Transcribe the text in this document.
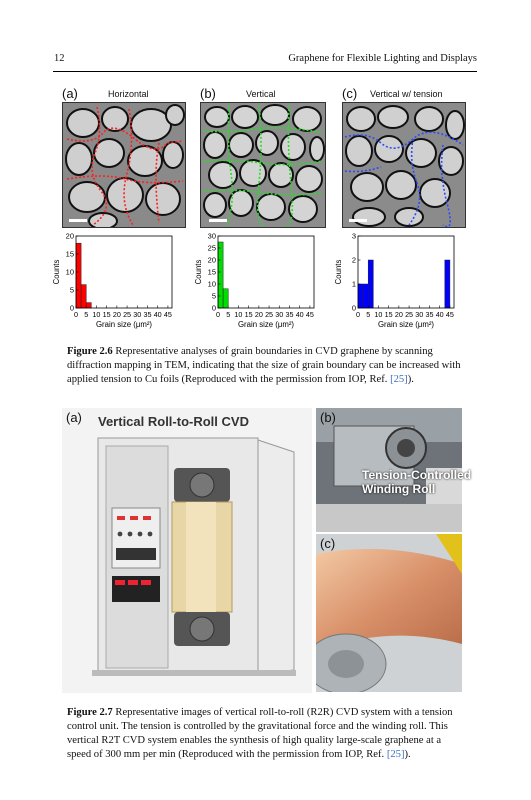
12	Graphene for Flexible Lighting and Displays
(a)	Horizontal	(b)	Vertical	(c) Vertical w/ tension
0
5
10
15
20
0 5 10 15 20 25 30 35 40 45
Grain size (μm²)
Counts
0
5
10
15
20
25
30
0 5 10 15 20 25 30 35 40 45
Grain size (μm²)
Counts
0
1
2
3
0 5 10 15 20 25 30 35 40 45
Grain size (μm²)
Counts
Figure 2.6 Representative analyses of grain boundaries in CVD graphene by scanning diffraction mapping in TEM, indicating that the size of grain boundary can be increased with applied tension to Cu foils (Reproduced with the permission from IOP, Ref. [25]).
(a) Vertical Roll-to-Roll CVD	(b)
Tension-Controlled
Winding Roll
(c)
Figure 2.7 Representative images of vertical roll-to-roll (R2R) CVD system with a tension control unit. The tension is controlled by the gravitational force and the winding roll. This vertical R2T CVD system enables the synthesis of high quality large-scale graphene at a speed of 300 mm per min (Reproduced with the permission from IOP, Ref. [25]).
